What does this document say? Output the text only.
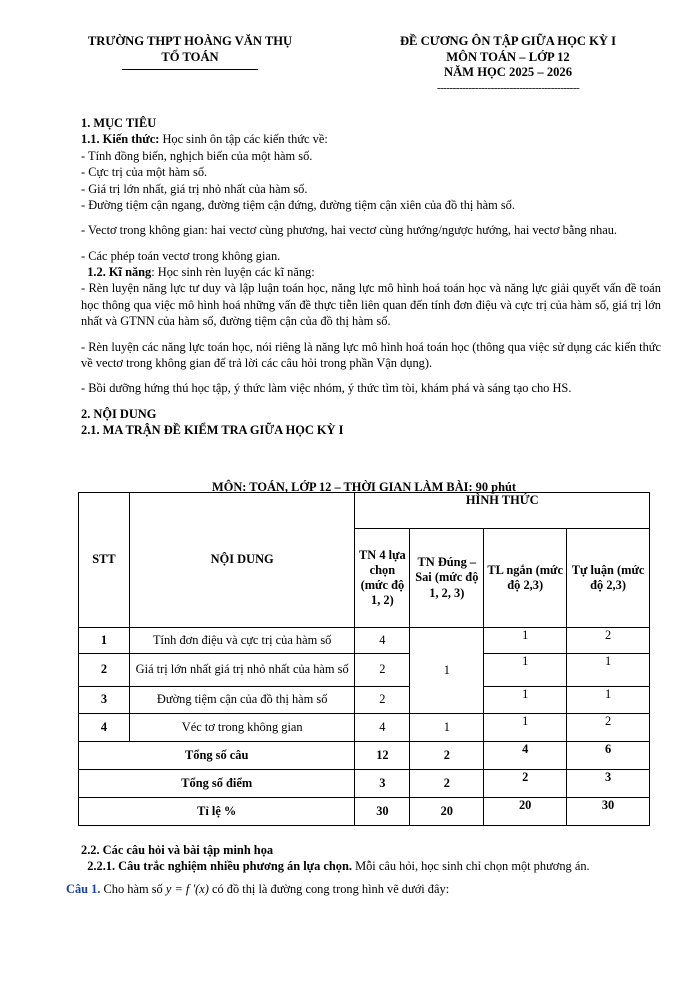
TRƯỜNG THPT HOÀNG VĂN THỤ
TỔ TOÁN
ĐỀ CƯƠNG ÔN TẬP GIỮA HỌC KỲ I
MÔN TOÁN – LỚP 12
NĂM HỌC 2025 – 2026
---------------------------------------------

1. MỤC TIÊU

1.1. Kiến thức: Học sinh ôn tập các kiến thức về:

- Tính đồng biến, nghịch biến của một hàm số.

- Cực trị của một hàm số.

- Giá trị lớn nhất, giá trị nhỏ nhất của hàm số.

- Đường tiệm cận ngang, đường tiệm cận đứng, đường tiệm cận xiên của đồ thị hàm số.

- Vectơ trong không gian: hai vectơ cùng phương, hai vectơ cùng hướng/ngược hướng, hai vectơ bằng nhau.

- Các phép toán vectơ trong không gian.

1.2. Kĩ năng: Học sinh rèn luyện các kĩ năng:

- Rèn luyện năng lực tư duy và lập luận toán học, năng lực mô hình hoá toán học và năng lực giải quyết vấn đề toán học thông qua việc mô hình hoá những vấn đề thực tiễn liên quan đến tính đơn điệu và cực trị của hàm số, giá trị lớn nhất và GTNN của hàm số, đường tiệm cận của đồ thị hàm số.

- Rèn luyện các năng lực toán học, nói riêng là năng lực mô hình hoá toán học (thông qua việc sử dụng các kiến thức về vectơ trong không gian để trả lời các câu hỏi trong phần Vận dụng).

- Bồi dưỡng hứng thú học tập, ý thức làm việc nhóm, ý thức tìm tòi, khám phá và sáng tạo cho HS.

2. NỘI DUNG

2.1. MA TRẬN ĐỀ KIỂM TRA GIỮA HỌC KỲ I

MÔN: TOÁN, LỚP 12 – THỜI GIAN LÀM BÀI: 90 phút
STT	NỘI DUNG	HÌNH THỨC			
		TN 4 lựa chọn (mức độ 1, 2)	TN Đúng – Sai (mức độ 1, 2, 3)	TL ngắn (mức độ 2,3)	Tự luận (mức độ 2,3)
1	Tính đơn điệu và cực trị của hàm số	4	1	1	2
2	Giá trị lớn nhất giá trị nhỏ nhất của hàm số	2		1	1
3	Đường tiệm cận của đồ thị hàm số	2		1	1
4	Véc tơ trong không gian	4	1	1	2
Tổng số câu		12	2	4	6
Tổng số điểm		3	2	2	3
Tỉ lệ %		30	20	20	30

2.2. Các câu hỏi và bài tập minh họa

2.2.1. Câu trắc nghiệm nhiều phương án lựa chọn. Mỗi câu hỏi, học sinh chỉ chọn một phương án.

Câu 1. Cho hàm số y = f ′(x) có đồ thị là đường cong trong hình vẽ dưới đây:
